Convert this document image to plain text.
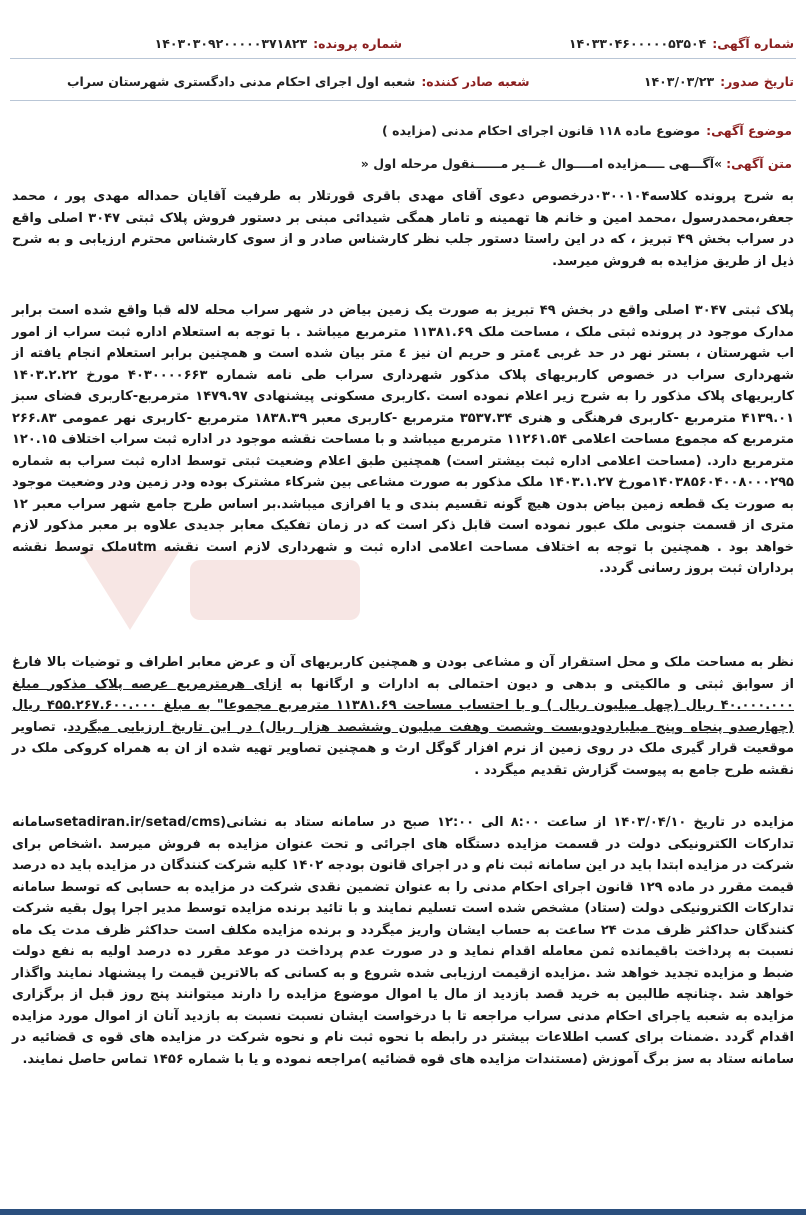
شماره آگهی:
۱۴۰۳۳۰۴۶۰۰۰۰۰۵۳۵۰۴
شماره پرونده:
۱۴۰۳۰۳۰۹۲۰۰۰۰۰۳۷۱۸۲۳
تاریخ صدور:
۱۴۰۳/۰۳/۲۳
شعبه صادر کننده:
شعبه اول اجرای احکام مدنی دادگستری شهرستان سراب
موضوع آگهی:
موضوع ماده ۱۱۸ قانون اجرای احکام مدنی (مزایده )
متن آگهی:
»آگـــهی ــــمزایده امــــوال غـــیر مــــــنقول مرحله اول «
به شرح پرونده کلاسه۰۳۰۰۱۰۴درخصوص دعوی آقای مهدی باقری قورتلار به طرفیت آقایان حمداله مهدی پور ، محمد جعفر،محمدرسول ،محمد امین و خانم ها تهمینه و تامار همگی شیدائی مبنی بر دستور فروش پلاک ثبتی ۳۰۴۷ اصلی واقع در سراب بخش ۴۹ تبریز ، که در این راستا دستور جلب نظر کارشناس صادر و از سوی کارشناس محترم ارزیابی و به شرح ذیل از طریق مزایده به فروش میرسد.
پلاک ثبتی ۳۰۴۷ اصلی واقع در بخش ۴۹ تبریز به صورت یک زمین بیاض در شهر سراب محله لاله قبا واقع شده است برابر مدارک موجود در پرونده ثبتی ملک ، مساحت ملک ۱۱۳۸۱.۶۹ مترمربع میباشد . با توجه به استعلام اداره ثبت سراب از امور اب شهرستان ، بستر نهر در حد غربی ٤متر و حریم ان نیز ٤ متر بیان شده است و همچنین برابر استعلام انجام یافته از شهرداری سراب در خصوص کاربریهای پلاک مذکور شهرداری سراب طی نامه شماره ۴۰۳۰۰۰۰۶۶۳ مورخ ۱۴۰۳.۲.۲۲ کاربریهای پلاک مذکور را به شرح زیر اعلام نموده است .کاربری مسکونی پیشنهادی ۱۴۷۹.۹۷ مترمربع-کاربری فضای سبز ۴۱۳۹.۰۱ مترمربع -کاربری فرهنگی و هنری ۳۵۳۷.۳۴ مترمربع -کاربری معبر ۱۸۳۸.۳۹ مترمربع -کاربری نهر عمومی ۲۶۶.۸۳ مترمربع که مجموع مساحت اعلامی ۱۱۲۶۱.۵۴ مترمربع میباشد و با مساحت نقشه موجود در اداره ثبت سراب اختلاف ۱۲۰.۱۵ مترمربع دارد. (مساحت اعلامی اداره ثبت بیشتر است) همچنین طبق اعلام وضعیت ثبتی توسط اداره ثبت سراب به شماره ۱۴۰۳۸۵۶۰۴۰۰۸۰۰۰۲۹۵مورخ ۱۴۰۳.۱.۲۷ ملک مذکور به صورت مشاعی بین شرکاء مشترک بوده ودر زمین ودر وضعیت موجود به صورت یک قطعه زمین بیاض بدون هیچ گونه تقسیم بندی و یا افرازی میباشد.بر اساس طرح جامع شهر سراب معبر ۱۲ متری از قسمت جنوبی ملک عبور نموده است قابل ذکر است که در زمان تفکیک معابر جدیدی علاوه بر معبر مذکور لازم خواهد بود . همچنین با توجه به اختلاف مساحت اعلامی اداره ثبت و شهرداری لازم است نقشه utmملک توسط نقشه برداران ثبت بروز رسانی گردد.
نظر به مساحت ملک و محل استقرار آن و مشاعی بودن و همچنین کاربریهای آن و عرض معابر اطراف و توضیات بالا فارغ از سوابق ثبتی و مالکیتی و بدهی و دیون احتمالی به ادارات و ارگانها به ازای هرمترمربع عرصه پلاک مذکور مبلغ ۴۰.۰۰۰.۰۰۰ ریال (چهل میلیون ریال ) و با احتساب مساحت ۱۱۳۸۱.۶۹ مترمربع مجموعا" به مبلغ ۴۵۵.۲۶۷.۶۰۰.۰۰۰ ریال (چهارصدو پنجاه وپنج میلیاردودویست وشصت وهفت میلیون وششصد هزار ریال) در این تاریخ ارزیابی میگردد. تصاویر موقعیت قرار گیری ملک در روی زمین از نرم افزار گوگل ارث و همچنین تصاویر تهیه شده از ان به همراه کروکی ملک در نقشه طرح جامع به پیوست گزارش تقدیم میگردد .
مزایده در تاریخ ۱۴۰۳/۰۴/۱۰ از ساعت ۸:۰۰ الی ۱۲:۰۰ صبح در سامانه ستاد به نشانی(setadiran.ir/setad/cmsسامانه تدارکات الکترونیکی دولت در قسمت مزایده دستگاه های اجرائی و تحت عنوان مزایده به فروش میرسد .اشخاص برای شرکت در مزایده ابتدا باید در این سامانه ثبت نام و در اجرای قانون بودجه ۱۴۰۲ کلیه شرکت کنندگان در مزایده باید ده درصد قیمت مقرر در ماده ۱۲۹ قانون اجرای احکام مدنی را به عنوان تضمین نقدی شرکت در مزایده به حسابی که توسط سامانه تدارکات الکترونیکی دولت (ستاد) مشخص شده است تسلیم نمایند و با تائید برنده مزایده توسط مدیر اجرا پول بقیه شرکت کنندگان حداکثر ظرف مدت ۲۴ ساعت به حساب ایشان واریز میگردد و برنده مزایده مکلف است حداکثر ظرف مدت یک ماه نسبت به پرداخت باقیمانده ثمن معامله اقدام نماید و در صورت عدم پرداخت در موعد مقرر ده درصد اولیه به نفع دولت ضبط و مزایده تجدید خواهد شد .مزایده ازقیمت ارزیابی شده شروع و به کسانی که بالاترین قیمت را پیشنهاد نمایند واگذار خواهد شد .چنانچه طالبین به خرید قصد بازدید از مال یا اموال موضوع مزایده را دارند میتوانند پنج روز قبل از برگزاری مزایده به شعبه یاجرای احکام مدنی سراب مراجعه تا با درخواست ایشان نسبت نسبت به بازدید آنان از اموال مورد مزایده اقدام گردد .ضمنات برای کسب اطلاعات بیشتر در رابطه با نحوه ثبت نام و نحوه شرکت در مزایده های قوه ی قضائیه در سامانه ستاد به سز برگ آموزش (مستندات مزایده های قوه قضائیه )مراجعه نموده و یا با شماره ۱۴۵۶ تماس حاصل نمایند.
